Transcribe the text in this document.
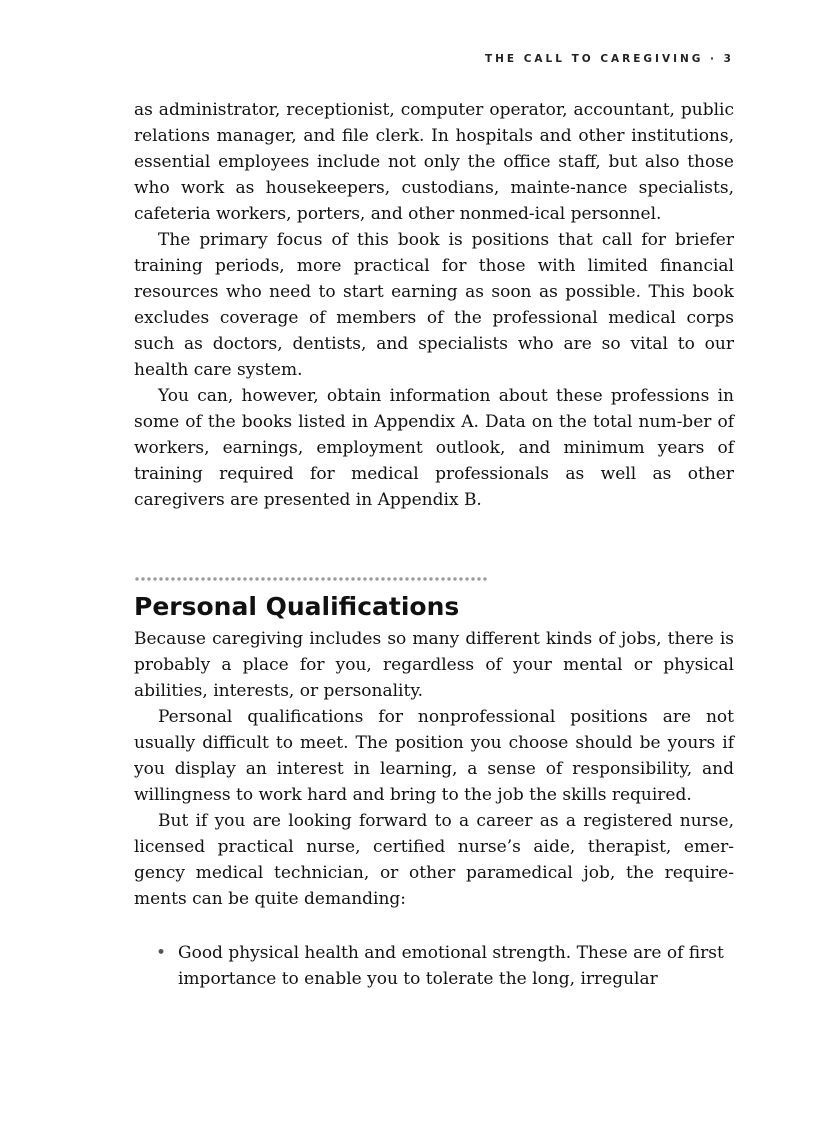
THE CALL TO CAREGIVING · 3

as administrator, receptionist, computer operator, accountant, public relations manager, and file clerk. In hospitals and other institutions, essential employees include not only the office staff, but also those who work as housekeepers, custodians, mainte-nance specialists, cafeteria workers, porters, and other nonmed-ical personnel.

The primary focus of this book is positions that call for briefer training periods, more practical for those with limited financial resources who need to start earning as soon as possible. This book excludes coverage of members of the professional medical corps such as doctors, dentists, and specialists who are so vital to our health care system.

You can, however, obtain information about these professions in some of the books listed in Appendix A. Data on the total num-ber of workers, earnings, employment outlook, and minimum years of training required for medical professionals as well as other caregivers are presented in Appendix B.

Personal Qualifications

Because caregiving includes so many different kinds of jobs, there is probably a place for you, regardless of your mental or physical abilities, interests, or personality.

Personal qualifications for nonprofessional positions are not usually difficult to meet. The position you choose should be yours if you display an interest in learning, a sense of responsibility, and willingness to work hard and bring to the job the skills required.

But if you are looking forward to a career as a registered nurse, licensed practical nurse, certified nurse’s aide, therapist, emer-gency medical technician, or other paramedical job, the require-ments can be quite demanding:

• Good physical health and emotional strength. These are of first importance to enable you to tolerate the long, irregular
